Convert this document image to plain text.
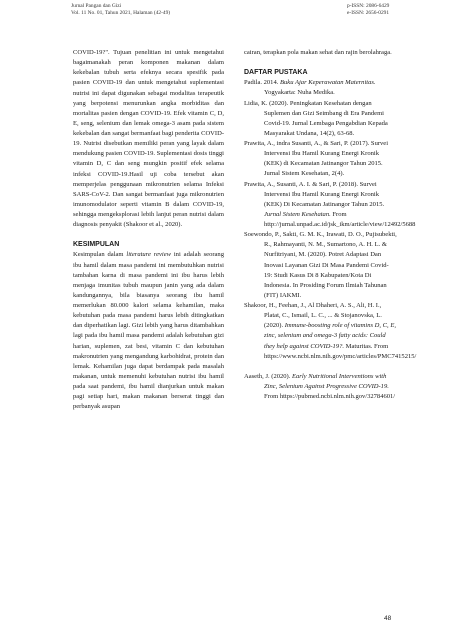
Jurnal Pangan dan Gizi
Vol. 11 No. 01, Tahun 2021, Halaman (42-49)
p-ISSN: 2086-6429
e-ISSN: 2656-0291
COVID-19?". Tujuan penelitian ini untuk mengetahui bagaimanakah peran komponen makanan dalam kekebalan tubuh serta efeknya secara spesifik pada pasien COVID-19 dan untuk mengetahui suplementasi nutrisi ini dapat digunakan sebagai modalitas terapeutik yang berpotensi menurunkan angka morbiditas dan mortalitas pasien dengan COVID-19. Efek vitamin C, D, E, seng, selenium dan lemak omega-3 asam pada sistem kekebalan dan sangat bermanfaat bagi penderita COVID-19. Nutrisi disebutkan memiliki peran yang layak dalam mendukung pasien COVID-19. Suplementasi dosis tinggi vitamin D, C dan seng mungkin positif efek selama infeksi COVID-19.Hasil uji coba tersebut akan memperjelas penggunaan mikronutrien selama Infeksi SARS-CoV-2. Dan sangat bermanfaat juga mikronutrien imunomodulator seperti vitamin B dalam COVID-19, sehingga mengeksplorasi lebih lanjut peran nutrisi dalam diagnosis penyakit (Shakoor et al., 2020).
KESIMPULAN
Kesimpulan dalam literature review ini adalah seorang ibu hamil dalam masa pandemi ini membutuhkan nutrisi tambahan karna di masa pandemi ini ibu harus lebih menjaga imunitas tubuh maupun janin yang ada dalam kandungannya, bila biasanya seorang ibu hamil memerlukan 80.000 kalori selama kehamilan, maka kebutuhan pada masa pandemi harus lebih ditingkatkan dan diperhatikan lagi. Gizi lebih yang harus ditambahkan lagi pada ibu hamil masa pandemi adalah kebutuhan gizi harian, suplemen, zat besi, vitamin C dan kebutuhan makronutrien yang mengandung karbohidrat, protein dan lemak. Kehamilan juga dapat berdampak pada masalah makanan, untuk memenuhi kebutuhan nutrisi ibu hamil pada saat pandemi, ibu hamil dianjurkan untuk makan pagi setiap hari, makan makanan berserat tinggi dan perbanyak asupan
cairan, terapkan pola makan sehat dan rajin berolahraga.
DAFTAR PUSTAKA
Padila. 2014. Buku Ajar Keperawatan Maternitas. Yogyakarta: Nuha Medika.
Lidia, K. (2020). Peningkatan Kesehatan dengan Suplemen dan Gizi Seimbang di Era Pandemi Covid-19. Jurnal Lembaga Pengabdian Kepada Masyarakat Undana, 14(2), 63-68.
Prawita, A., indra Susanti, A., & Sari, P. (2017). Survei Intervensi Ibu Hamil Kurang Energi Kronik (KEK) di Kecamatan Jatinangor Tahun 2015. Jurnal Sistem Kesehatan, 2(4).
Prawita, A., Susanti, A. I. & Sari, P. (2018). Survei Intervensi Ibu Hamil Kurang Energi Kronik (KEK) Di Kecamatan Jatinangor Tahun 2015. Jurnal Sistem Kesehatan. From http://jurnal.unpad.ac.id/jsk_ikm/article/view/12492/5688
Soewondo, P., Sakti, G. M. K., Irawati, D. O., Pujisubekti, R., Rahmayanti, N. M., Sumartono, A. H. L. & Nurfitriyani, M. (2020). Potret Adaptasi Dan Inovasi Layanan Gizi Di Masa Pandemi Covid-19: Studi Kasus Di 8 Kabupaten/Kota Di Indonesia. In Prosiding Forum Ilmiah Tahunan (FIT) IAKMI.
Shakoor, H., Feehan, J., Al Dhaheri, A. S., Ali, H. I., Platat, C., Ismail, L. C., ... & Stojanovska, L. (2020). Immune-boosting role of vitamins D, C, E, zinc, selenium and omega-3 fatty acids: Could they help against COVID-19?. Maturitas. From https://www.ncbi.nlm.nih.gov/pmc/articles/PMC7415215/
Aaseth, J. (2020). Early Nutritional Interventions with Zinc, Selenium Against Progressive COVID-19. From https://pubmed.ncbi.nlm.nih.gov/32784601/
48
